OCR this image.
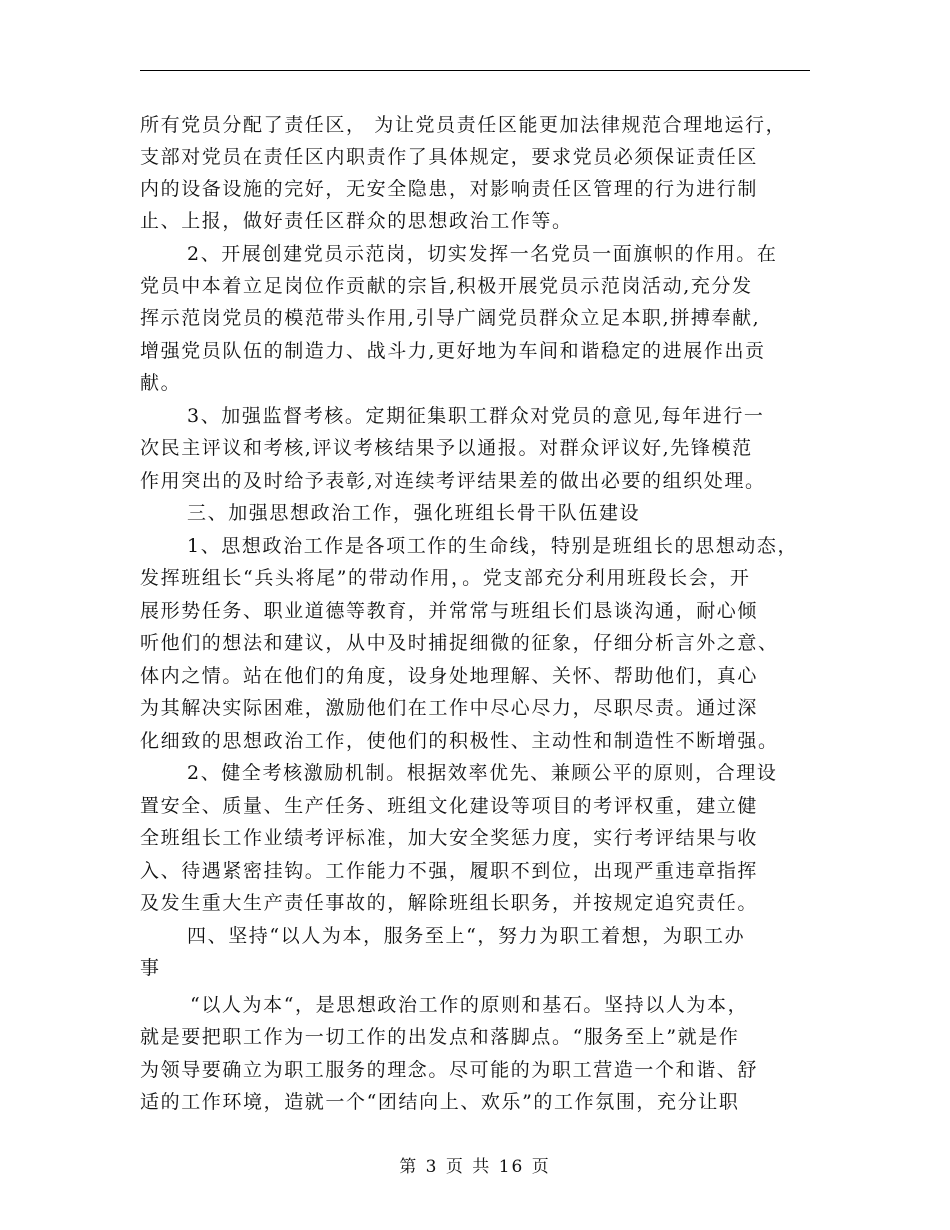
所有党员分配了责任区， 为让党员责任区能更加法律规范合理地运行，
支部对党员在责任区内职责作了具体规定，要求党员必须保证责任区
内的设备设施的完好，无安全隐患，对影响责任区管理的行为进行制
止、上报，做好责任区群众的思想政治工作等。
2、开展创建党员示范岗，切实发挥一名党员一面旗帜的作用。在
党员中本着立足岗位作贡献的宗旨,积极开展党员示范岗活动,充分发
挥示范岗党员的模范带头作用,引导广阔党员群众立足本职,拼搏奉献,
增强党员队伍的制造力、战斗力,更好地为车间和谐稳定的进展作出贡
献。
3、加强监督考核。定期征集职工群众对党员的意见,每年进行一
次民主评议和考核,评议考核结果予以通报。对群众评议好,先锋模范
作用突出的及时给予表彰,对连续考评结果差的做出必要的组织处理。
三、加强思想政治工作，强化班组长骨干队伍建设
1、思想政治工作是各项工作的生命线，特别是班组长的思想动态，
发挥班组长“兵头将尾”的带动作用，。党支部充分利用班段长会，开
展形势任务、职业道德等教育，并常常与班组长们恳谈沟通，耐心倾
听他们的想法和建议，从中及时捕捉细微的征象，仔细分析言外之意、
体内之情。站在他们的角度，设身处地理解、关怀、帮助他们，真心
为其解决实际困难，激励他们在工作中尽心尽力，尽职尽责。通过深
化细致的思想政治工作，使他们的积极性、主动性和制造性不断增强。
2、健全考核激励机制。根据效率优先、兼顾公平的原则，合理设
置安全、质量、生产任务、班组文化建设等项目的考评权重，建立健
全班组长工作业绩考评标准，加大安全奖惩力度，实行考评结果与收
入、待遇紧密挂钩。工作能力不强，履职不到位，出现严重违章指挥
及发生重大生产责任事故的，解除班组长职务，并按规定追究责任。
四、坚持“以人为本，服务至上“，努力为职工着想，为职工办
事
“以人为本“，是思想政治工作的原则和基石。坚持以人为本，
就是要把职工作为一切工作的出发点和落脚点。“服务至上”就是作
为领导要确立为职工服务的理念。尽可能的为职工营造一个和谐、舒
适的工作环境，造就一个“团结向上、欢乐”的工作氛围，充分让职
第 3 页 共 16 页
